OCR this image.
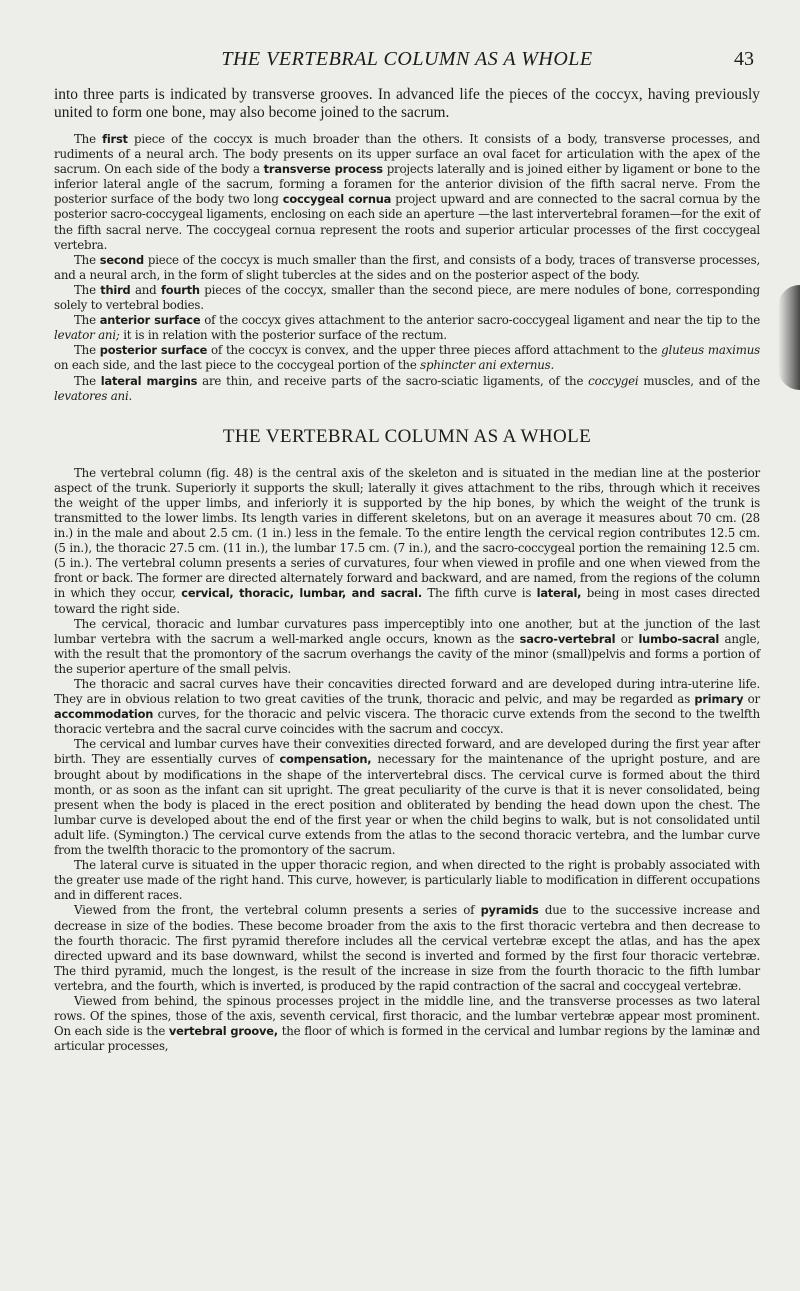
THE VERTEBRAL COLUMN AS A WHOLE	43

into three parts is indicated by transverse grooves. In advanced life the pieces of the coccyx, having previously united to form one bone, may also become joined to the sacrum.

The first piece of the coccyx is much broader than the others. It consists of a body, transverse processes, and rudiments of a neural arch. The body presents on its upper surface an oval facet for articulation with the apex of the sacrum. On each side of the body a transverse process projects laterally and is joined either by ligament or bone to the inferior lateral angle of the sacrum, forming a foramen for the anterior division of the fifth sacral nerve. From the posterior surface of the body two long coccygeal cornua project upward and are connected to the sacral cornua by the posterior sacro-coccygeal ligaments, enclosing on each side an aperture —the last intervertebral foramen—for the exit of the fifth sacral nerve. The coccygeal cornua represent the roots and superior articular processes of the first coccygeal vertebra.

The second piece of the coccyx is much smaller than the first, and consists of a body, traces of transverse processes, and a neural arch, in the form of slight tubercles at the sides and on the posterior aspect of the body.

The third and fourth pieces of the coccyx, smaller than the second piece, are mere nodules of bone, corresponding solely to vertebral bodies.

The anterior surface of the coccyx gives attachment to the anterior sacro-coccygeal ligament and near the tip to the levator ani; it is in relation with the posterior surface of the rectum.

The posterior surface of the coccyx is convex, and the upper three pieces afford attachment to the gluteus maximus on each side, and the last piece to the coccygeal portion of the sphincter ani externus.

The lateral margins are thin, and receive parts of the sacro-sciatic ligaments, of the coccygei muscles, and of the levatores ani.

THE VERTEBRAL COLUMN AS A WHOLE

The vertebral column (fig. 48) is the central axis of the skeleton and is situated in the median line at the posterior aspect of the trunk. Superiorly it supports the skull; laterally it gives attachment to the ribs, through which it receives the weight of the upper limbs, and inferiorly it is supported by the hip bones, by which the weight of the trunk is transmitted to the lower limbs. Its length varies in different skeletons, but on an average it measures about 70 cm. (28 in.) in the male and about 2.5 cm. (1 in.) less in the female. To the entire length the cervical region contributes 12.5 cm. (5 in.), the thoracic 27.5 cm. (11 in.), the lumbar 17.5 cm. (7 in.), and the sacro-coccygeal portion the remaining 12.5 cm. (5 in.). The vertebral column presents a series of curvatures, four when viewed in profile and one when viewed from the front or back. The former are directed alternately forward and backward, and are named, from the regions of the column in which they occur, cervical, thoracic, lumbar, and sacral. The fifth curve is lateral, being in most cases directed toward the right side.

The cervical, thoracic and lumbar curvatures pass imperceptibly into one another, but at the junction of the last lumbar vertebra with the sacrum a well-marked angle occurs, known as the sacro-vertebral or lumbo-sacral angle, with the result that the promontory of the sacrum overhangs the cavity of the minor (small)pelvis and forms a portion of the superior aperture of the small pelvis.

The thoracic and sacral curves have their concavities directed forward and are developed during intra-uterine life. They are in obvious relation to two great cavities of the trunk, thoracic and pelvic, and may be regarded as primary or accommodation curves, for the thoracic and pelvic viscera. The thoracic curve extends from the second to the twelfth thoracic vertebra and the sacral curve coincides with the sacrum and coccyx.

The cervical and lumbar curves have their convexities directed forward, and are developed during the first year after birth. They are essentially curves of compensation, necessary for the maintenance of the upright posture, and are brought about by modifications in the shape of the intervertebral discs. The cervical curve is formed about the third month, or as soon as the infant can sit upright. The great peculiarity of the curve is that it is never consolidated, being present when the body is placed in the erect position and obliterated by bending the head down upon the chest. The lumbar curve is developed about the end of the first year or when the child begins to walk, but is not consolidated until adult life. (Symington.) The cervical curve extends from the atlas to the second thoracic vertebra, and the lumbar curve from the twelfth thoracic to the promontory of the sacrum.

The lateral curve is situated in the upper thoracic region, and when directed to the right is probably associated with the greater use made of the right hand. This curve, however, is particularly liable to modification in different occupations and in different races.

Viewed from the front, the vertebral column presents a series of pyramids due to the successive increase and decrease in size of the bodies. These become broader from the axis to the first thoracic vertebra and then decrease to the fourth thoracic. The first pyramid therefore includes all the cervical vertebræ except the atlas, and has the apex directed upward and its base downward, whilst the second is inverted and formed by the first four thoracic vertebræ. The third pyramid, much the longest, is the result of the increase in size from the fourth thoracic to the fifth lumbar vertebra, and the fourth, which is inverted, is produced by the rapid contraction of the sacral and coccygeal vertebræ.

Viewed from behind, the spinous processes project in the middle line, and the transverse processes as two lateral rows. Of the spines, those of the axis, seventh cervical, first thoracic, and the lumbar vertebræ appear most prominent. On each side is the vertebral groove, the floor of which is formed in the cervical and lumbar regions by the laminæ and articular processes,
